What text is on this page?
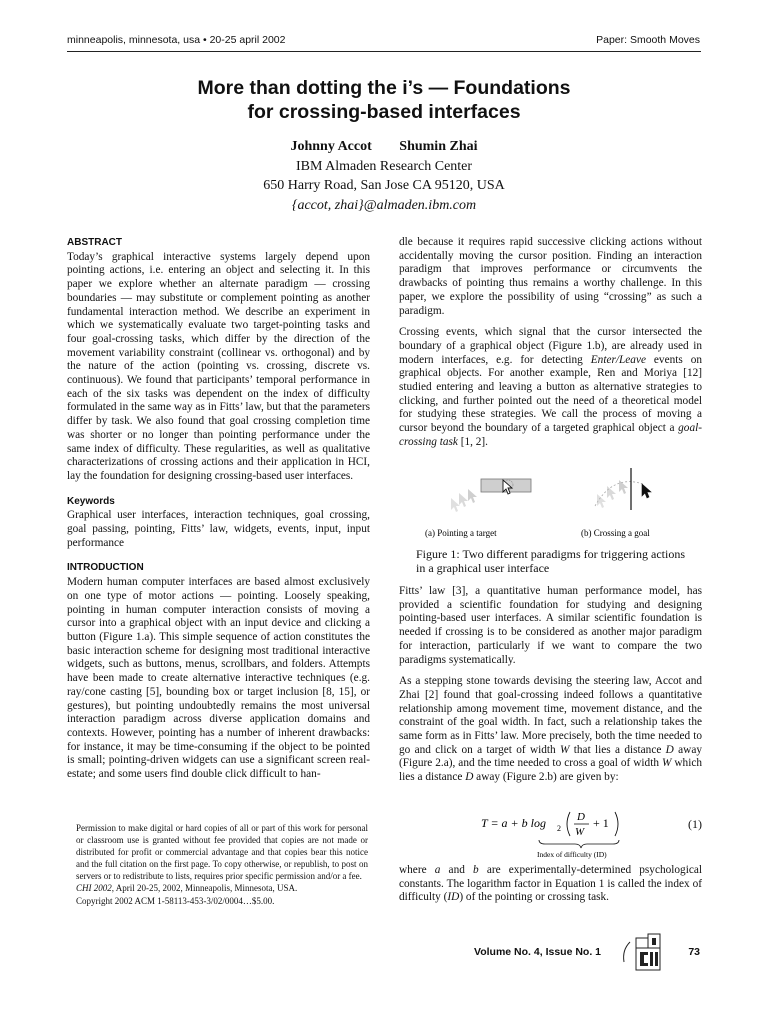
minneapolis, minnesota, usa • 20-25 april 2002	Paper: Smooth Moves
More than dotting the i’s — Foundations
for crossing-based interfaces
Johnny Accot Shumin Zhai
IBM Almaden Research Center
650 Harry Road, San Jose CA 95120, USA
{accot, zhai}@almaden.ibm.com
ABSTRACT

Today’s graphical interactive systems largely depend upon pointing actions, i.e. entering an object and selecting it. In this paper we explore whether an alternate paradigm — crossing boundaries — may substitute or complement pointing as another fundamental interaction method. We describe an experiment in which we systematically evaluate two target-pointing tasks and four goal-crossing tasks, which differ by the direction of the movement variability constraint (collinear vs. orthogonal) and by the nature of the action (pointing vs. crossing, discrete vs. continuous). We found that participants’ temporal performance in each of the six tasks was dependent on the index of difficulty formulated in the same way as in Fitts’ law, but that the parameters differ by task. We also found that goal crossing completion time was shorter or no longer than pointing performance under the same index of difficulty. These regularities, as well as qualitative characterizations of crossing actions and their application in HCI, lay the foundation for designing crossing-based user interfaces.

Keywords

Graphical user interfaces, interaction techniques, goal crossing, goal passing, pointing, Fitts’ law, widgets, events, input, input performance

INTRODUCTION

Modern human computer interfaces are based almost exclusively on one type of motor actions — pointing. Loosely speaking, pointing in human computer interaction consists of moving a cursor into a graphical object with an input device and clicking a button (Figure 1.a). This simple sequence of action constitutes the basic interaction scheme for designing most traditional interactive widgets, such as buttons, menus, scrollbars, and folders. Attempts have been made to create alternative interactive techniques (e.g. ray/cone casting [5], bounding box or target inclusion [8, 15], or gestures), but pointing undoubtedly remains the most universal interaction paradigm across diverse application domains and contexts. However, pointing has a number of inherent drawbacks: for instance, it may be time-consuming if the object to be pointed is small; pointing-driven widgets can use a significant screen real-estate; and some users find double click difficult to han-

Permission to make digital or hard copies of all or part of this work for personal or classroom use is granted without fee provided that copies are not made or distributed for profit or commercial advantage and that copies bear this notice and the full citation on the first page. To copy otherwise, or republish, to post on servers or to redistribute to lists, requires prior specific permission and/or a fee.
CHI 2002, April 20-25, 2002, Minneapolis, Minnesota, USA.
Copyright 2002 ACM 1-58113-453-3/02/0004…$5.00.

dle because it requires rapid successive clicking actions without accidentally moving the cursor position. Finding an interaction paradigm that improves performance or circumvents the drawbacks of pointing thus remains a worthy challenge. In this paper, we explore the possibility of using “crossing” as such a paradigm.

Crossing events, which signal that the cursor intersected the boundary of a graphical object (Figure 1.b), are already used in modern interfaces, e.g. for detecting Enter/Leave events on graphical objects. For another example, Ren and Moriya [12] studied entering and leaving a button as alternative strategies to clicking, and further pointed out the need of a theoretical model for studying these strategies. We call the process of moving a cursor beyond the boundary of a targeted graphical object a goal-crossing task [1, 2].

(a) Pointing a target	(b) Crossing a goal
Figure 1: Two different paradigms for triggering actions in a graphical user interface

Fitts’ law [3], a quantitative human performance model, has provided a scientific foundation for studying and designing pointing-based user interfaces. A similar scientific foundation is needed if crossing is to be considered as another major paradigm for interaction, particularly if we want to compare the two paradigms systematically.

As a stepping stone towards devising the steering law, Accot and Zhai [2] found that goal-crossing indeed follows a quantitative relationship among movement time, movement distance, and the constraint of the goal width. In fact, such a relationship takes the same form as in Fitts’ law. More precisely, both the time needed to go and click on a target of width W that lies a distance D away (Figure 2.a), and the time needed to cross a goal of width W which lies a distance D away (Figure 2.b) are given by:

T = a + b log 2
D
W
+ 1
Index of difficulty (ID)
(1)

where a and b are experimentally-determined psychological constants. The logarithm factor in Equation 1 is called the index of difficulty (ID) of the pointing or crossing task.

Volume No. 4, Issue No. 1	73
